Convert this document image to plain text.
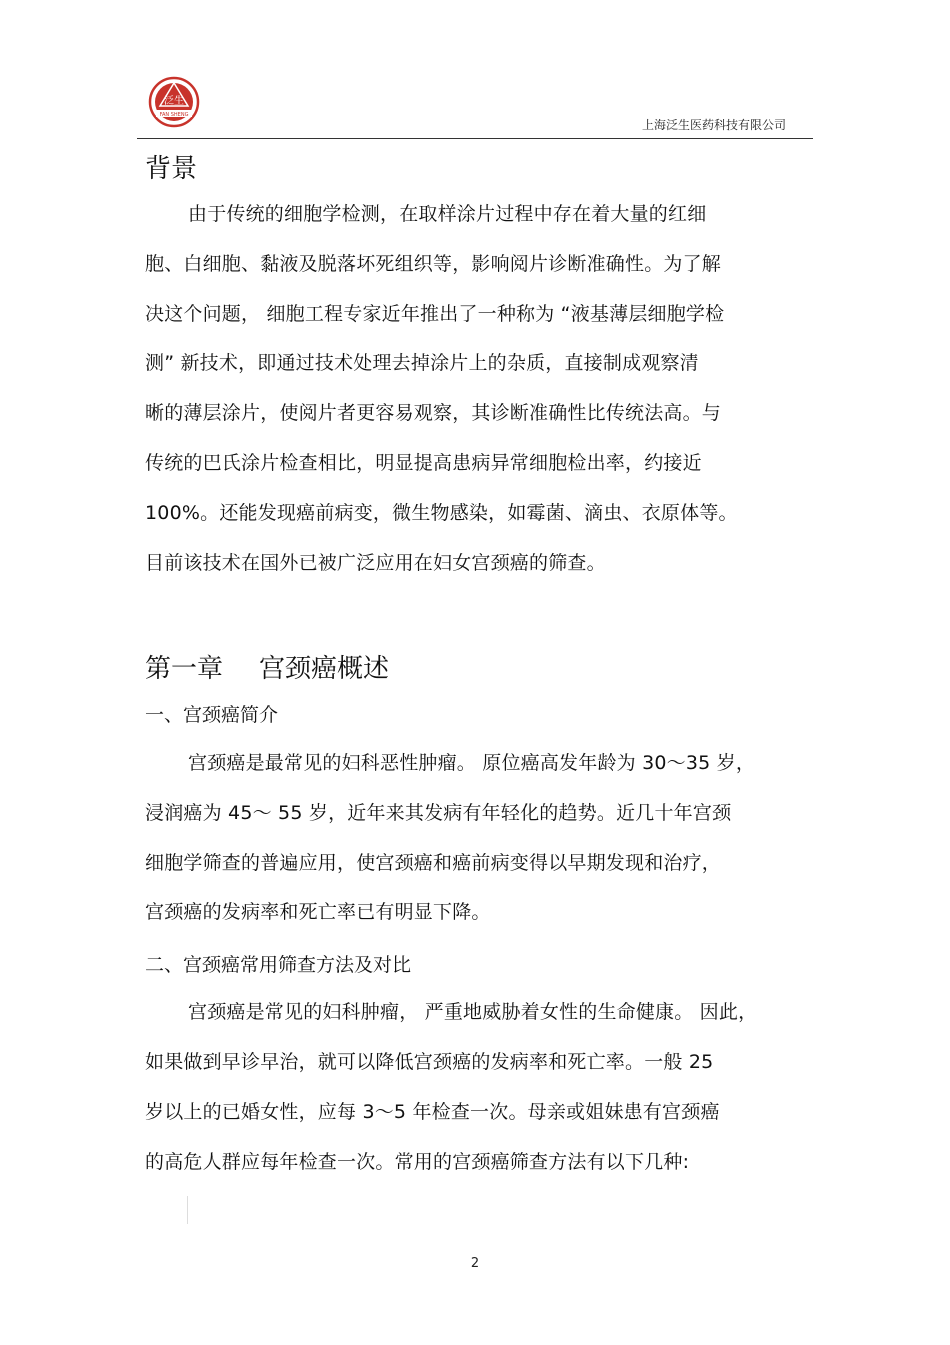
泛生
FAN SHENG
上海泛生医药科技有限公司
背景
由于传统的细胞学检测，在取样涂片过程中存在着大量的红细
胞、白细胞、黏液及脱落坏死组织等，影响阅片诊断准确性。为了解
决这个问题， 细胞工程专家近年推出了一种称为 “液基薄层细胞学检
测” 新技术，即通过技术处理去掉涂片上的杂质，直接制成观察清
晰的薄层涂片，使阅片者更容易观察，其诊断准确性比传统法高。与
传统的巴氏涂片检查相比，明显提高患病异常细胞检出率，约接近
100%。还能发现癌前病变，微生物感染，如霉菌、滴虫、衣原体等。
目前该技术在国外已被广泛应用在妇女宫颈癌的筛查。
第一章 宫颈癌概述
一、宫颈癌简介
宫颈癌是最常见的妇科恶性肿瘤。 原位癌高发年龄为 30～35 岁，
浸润癌为 45～ 55 岁，近年来其发病有年轻化的趋势。近几十年宫颈
细胞学筛查的普遍应用，使宫颈癌和癌前病变得以早期发现和治疗，
宫颈癌的发病率和死亡率已有明显下降。
二、宫颈癌常用筛查方法及对比
宫颈癌是常见的妇科肿瘤， 严重地威胁着女性的生命健康。 因此，
如果做到早诊早治，就可以降低宫颈癌的发病率和死亡率。一般 25
岁以上的已婚女性，应每 3～5 年检查一次。母亲或姐妹患有宫颈癌
的高危人群应每年检查一次。常用的宫颈癌筛查方法有以下几种:
2
